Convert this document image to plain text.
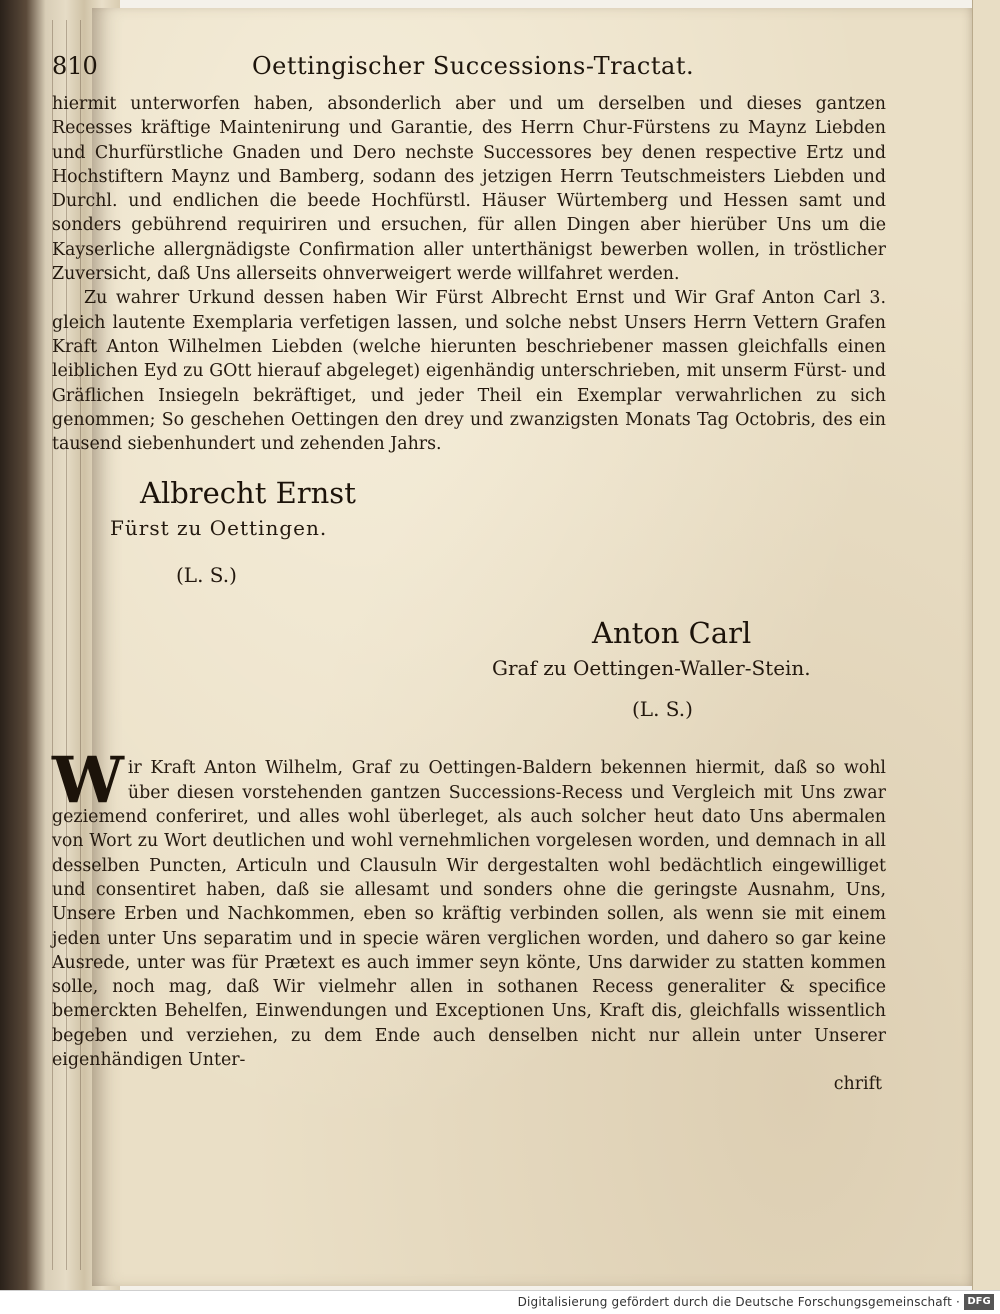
810	Oettingischer Successions-Tractat.

hiermit unterworfen haben, absonderlich aber und um derselben und dieses gantzen Recesses kräftige Maintenirung und Garantie, des Herrn Chur-Fürstens zu Maynz Liebden und Churfürstliche Gnaden und Dero nechste Successores bey denen respective Ertz und Hochstiftern Maynz und Bamberg, sodann des jetzigen Herrn Teutschmeisters Liebden und Durchl. und endlichen die beede Hochfürstl. Häuser Würtemberg und Hessen samt und sonders gebührend requiriren und ersuchen, für allen Dingen aber hierüber Uns um die Kayserliche allergnädigste Confirmation aller unterthänigst bewerben wollen, in tröstlicher Zuversicht, daß Uns allerseits ohnverweigert werde willfahret werden.

Zu wahrer Urkund dessen haben Wir Fürst Albrecht Ernst und Wir Graf Anton Carl 3. gleich lautente Exemplaria verfetigen lassen, und solche nebst Unsers Herrn Vettern Grafen Kraft Anton Wilhelmen Liebden (welche hierunten beschriebener massen gleichfalls einen leiblichen Eyd zu GOtt hierauf abgeleget) eigenhändig unterschrieben, mit unserm Fürst- und Gräflichen Insiegeln bekräftiget, und jeder Theil ein Exemplar verwahrlichen zu sich genommen; So geschehen Oettingen den drey und zwanzigsten Monats Tag Octobris, des ein tausend siebenhundert und zehenden Jahrs.

Albrecht Ernst
Fürst zu Oettingen.
(L. S.)
Anton Carl
Graf zu Oettingen-Waller-Stein.
(L. S.)

Wir Kraft Anton Wilhelm, Graf zu Oettingen-Baldern bekennen hiermit, daß so wohl über diesen vorstehenden gantzen Successions-Recess und Vergleich mit Uns zwar geziemend conferiret, und alles wohl überleget, als auch solcher heut dato Uns abermalen von Wort zu Wort deutlichen und wohl vernehmlichen vorgelesen worden, und demnach in all desselben Puncten, Articuln und Clausuln Wir dergestalten wohl bedächtlich eingewilliget und consentiret haben, daß sie allesamt und sonders ohne die geringste Ausnahm, Uns, Unsere Erben und Nachkommen, eben so kräftig verbinden sollen, als wenn sie mit einem jeden unter Uns separatim und in specie wären verglichen worden, und dahero so gar keine Ausrede, unter was für Prætext es auch immer seyn könte, Uns darwider zu statten kommen solle, noch mag, daß Wir vielmehr allen in sothanen Recess generaliter & specifice bemerckten Behelfen, Einwendungen und Exceptionen Uns, Kraft dis, gleichfalls wissentlich begeben und verziehen, zu dem Ende auch denselben nicht nur allein unter Unserer eigenhändigen Unter-

chrift
Digitalisierung gefördert durch die Deutsche Forschungsgemeinschaft · DFG
